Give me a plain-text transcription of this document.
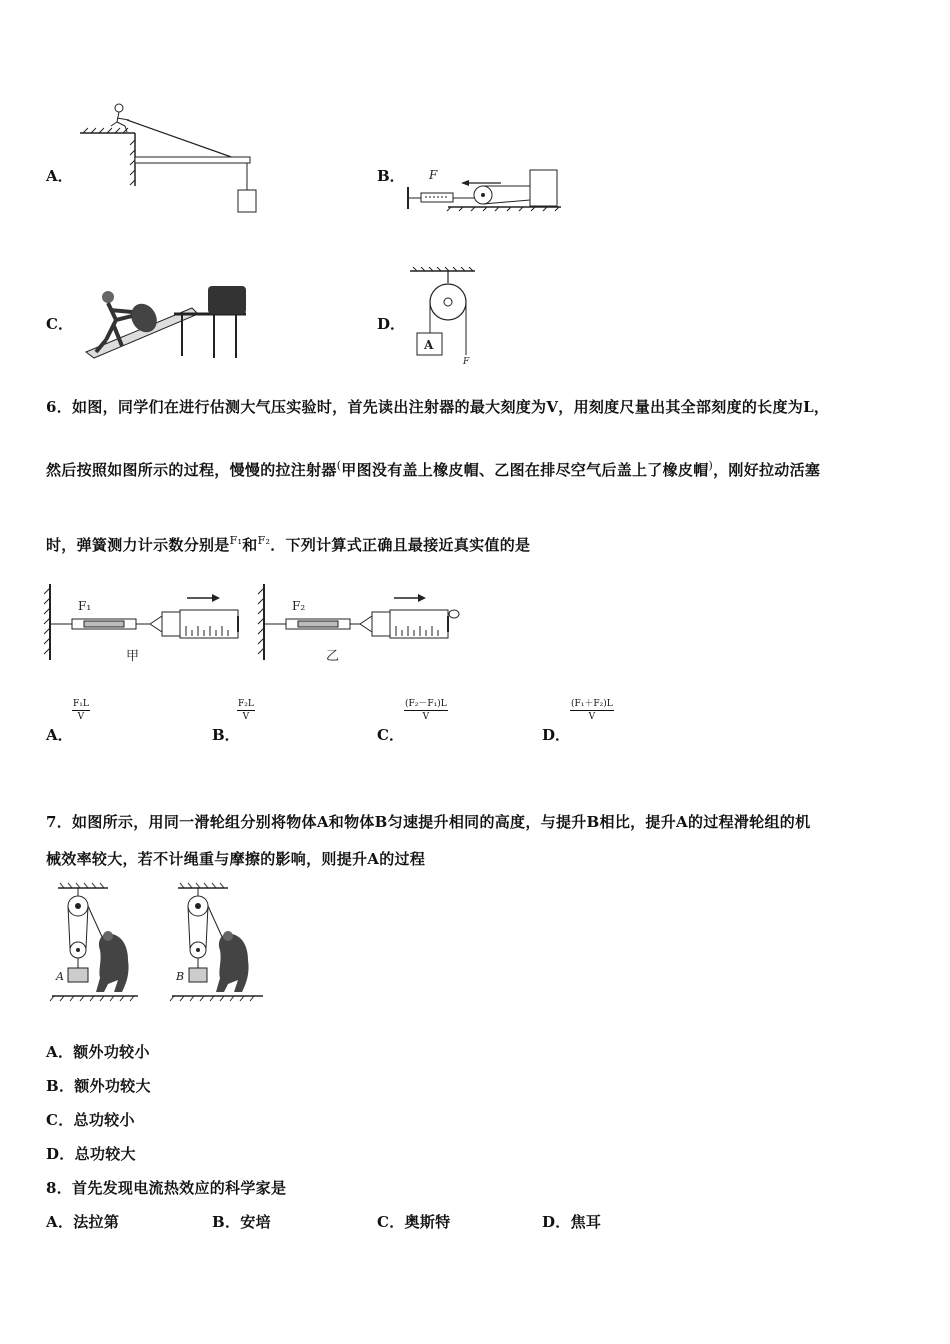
A．	B． F
C．	D．
A
F
6．如图，同学们在进行估测大气压实验时，首先读出注射器的最大刻度为V，用刻度尺量出其全部刻度的长度为L，
然后按照如图所示的过程，慢慢的拉注射器(甲图没有盖上橡皮帽、乙图在排尽空气后盖上了橡皮帽)，刚好拉动活塞
时，弹簧测力计示数分别是$^{F_1}$和$^{F_2}$．下列计算式正确且最接近真实值的是
F₁
甲
F₂
乙
A．
$\frac{\text{F₁L}}{V}$
B．
$\frac{\text{F₂L}}{V}$
C．
$\frac{\text{(F₂－F₁)L}}{V}$
D．
$\frac{\text{(F₁＋F₂)L}}{V}$
7．如图所示，用同一滑轮组分别将物体A和物体B匀速提升相同的高度，与提升B相比，提升A的过程滑轮组的机
械效率较大，若不计绳重与摩擦的影响，则提升A的过程
A	B
A．额外功较小
B．额外功较大
C．总功较小
D．总功较大
8．首先发现电流热效应的科学家是
A．法拉第	B．安培	C．奥斯特	D．焦耳
